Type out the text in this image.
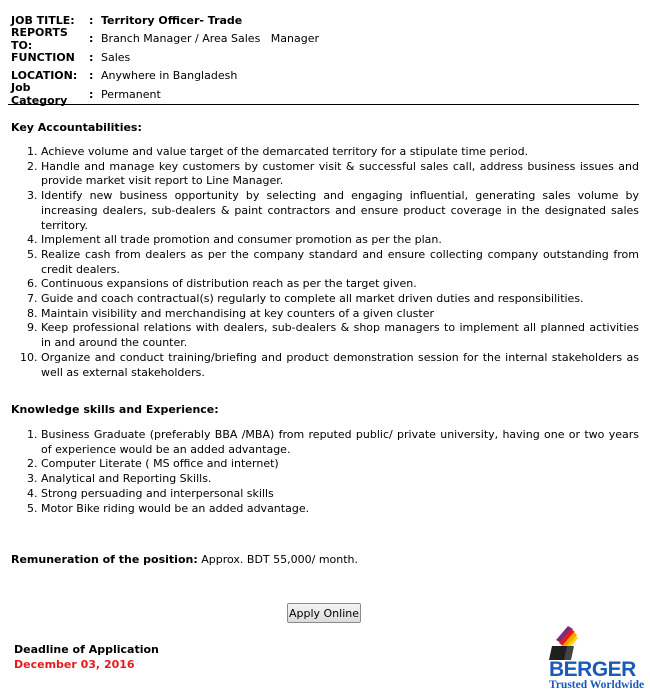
JOB TITLE:	: Territory Officer- Trade
REPORTS TO:	: Branch Manager / Area Sales   Manager
FUNCTION	: Sales
LOCATION:	: Anywhere in Bangladesh
Job Category	: Permanent
Key Accountabilities:
1. Achieve volume and value target of the demarcated territory for a stipulate time period.
2. Handle and manage key customers by customer visit & successful sales call, address business issues and provide market visit report to Line Manager.
3. Identify new business opportunity by selecting and engaging influential, generating sales volume by increasing dealers, sub-dealers & paint contractors and ensure product coverage in the designated sales territory.
4. Implement all trade promotion and consumer promotion as per the plan.
5. Realize cash from dealers as per the company standard and ensure collecting company outstanding from credit dealers.
6. Continuous expansions of distribution reach as per the target given.
7. Guide and coach contractual(s) regularly to complete all market driven duties and responsibilities.
8. Maintain visibility and merchandising at key counters of a given cluster
9. Keep professional relations with dealers, sub-dealers & shop managers to implement all planned activities in and around the counter.
10. Organize and conduct training/briefing and product demonstration session for the internal stakeholders as well as external stakeholders.
Knowledge skills and Experience:
1. Business Graduate (preferably BBA /MBA) from reputed public/ private university, having one or two years of experience would be an added advantage.
2. Computer Literate ( MS office and internet)
3. Analytical and Reporting Skills.
4. Strong persuading and interpersonal skills
5. Motor Bike riding would be an added advantage.
Remuneration of the position: Approx. BDT 55,000/ month.
Apply Online
Deadline of Application
December 03, 2016	BERGER
Trusted Worldwide
